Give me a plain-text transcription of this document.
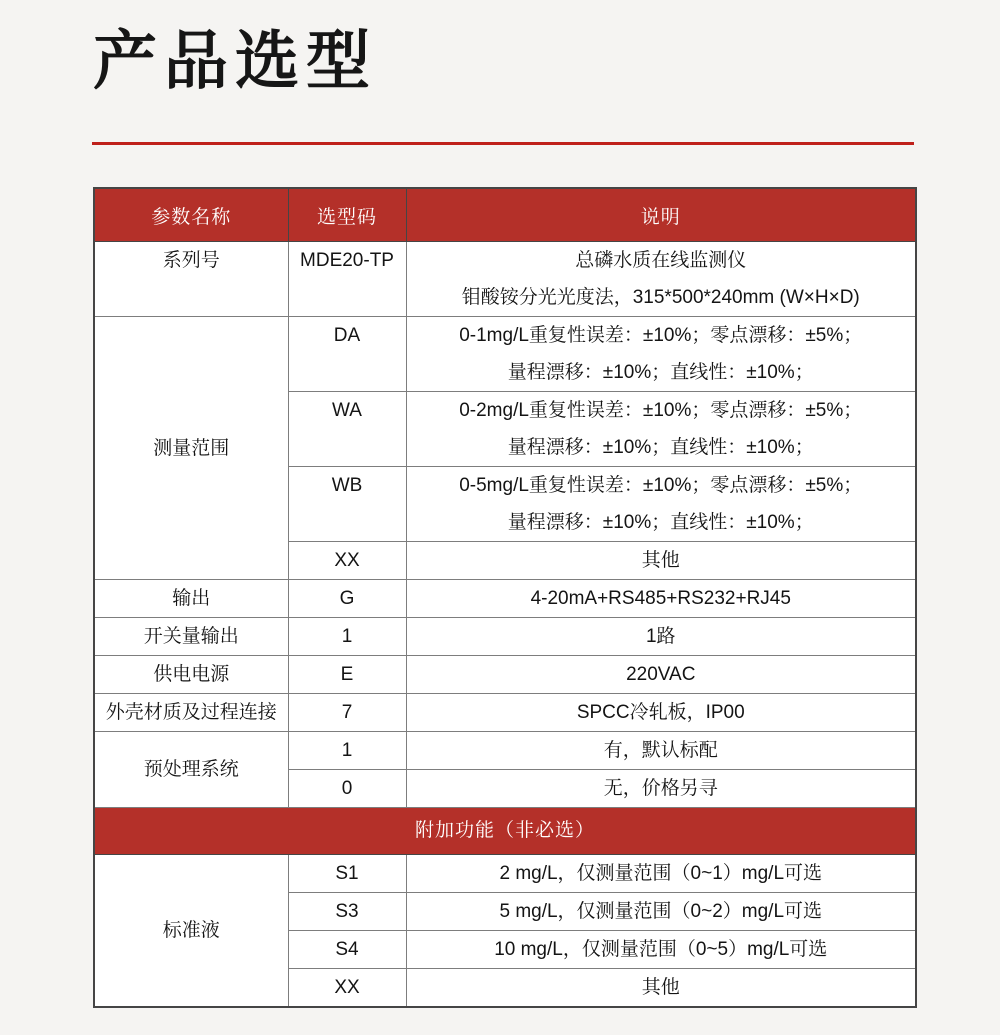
产品选型
参数名称	选型码	说明
系列号	MDE20-TP	总磷水质在线监测仪
钼酸铵分光光度法，315*500*240mm (W×H×D)

测量范围	DA	0-1mg/L重复性误差：±10%；零点漂移：±5%；
量程漂移：±10%；直线性：±10%；

	WA	0-2mg/L重复性误差：±10%；零点漂移：±5%；
量程漂移：±10%；直线性：±10%；

	WB	0-5mg/L重复性误差：±10%；零点漂移：±5%；
量程漂移：±10%；直线性：±10%；

	XX	其他

输出	G	4-20mA+RS485+RS232+RJ45

开关量输出	1	1路

供电电源	E	220VAC

外壳材质及过程连接	7	SPCC冷轧板，IP00

预处理系统	1	有，默认标配

	0	无，价格另寻

附加功能（非必选）		
标准液	S1	2 mg/L，仅测量范围（0~1）mg/L可选

	S3	5 mg/L，仅测量范围（0~2）mg/L可选

	S4	10 mg/L，仅测量范围（0~5）mg/L可选

	XX	其他
